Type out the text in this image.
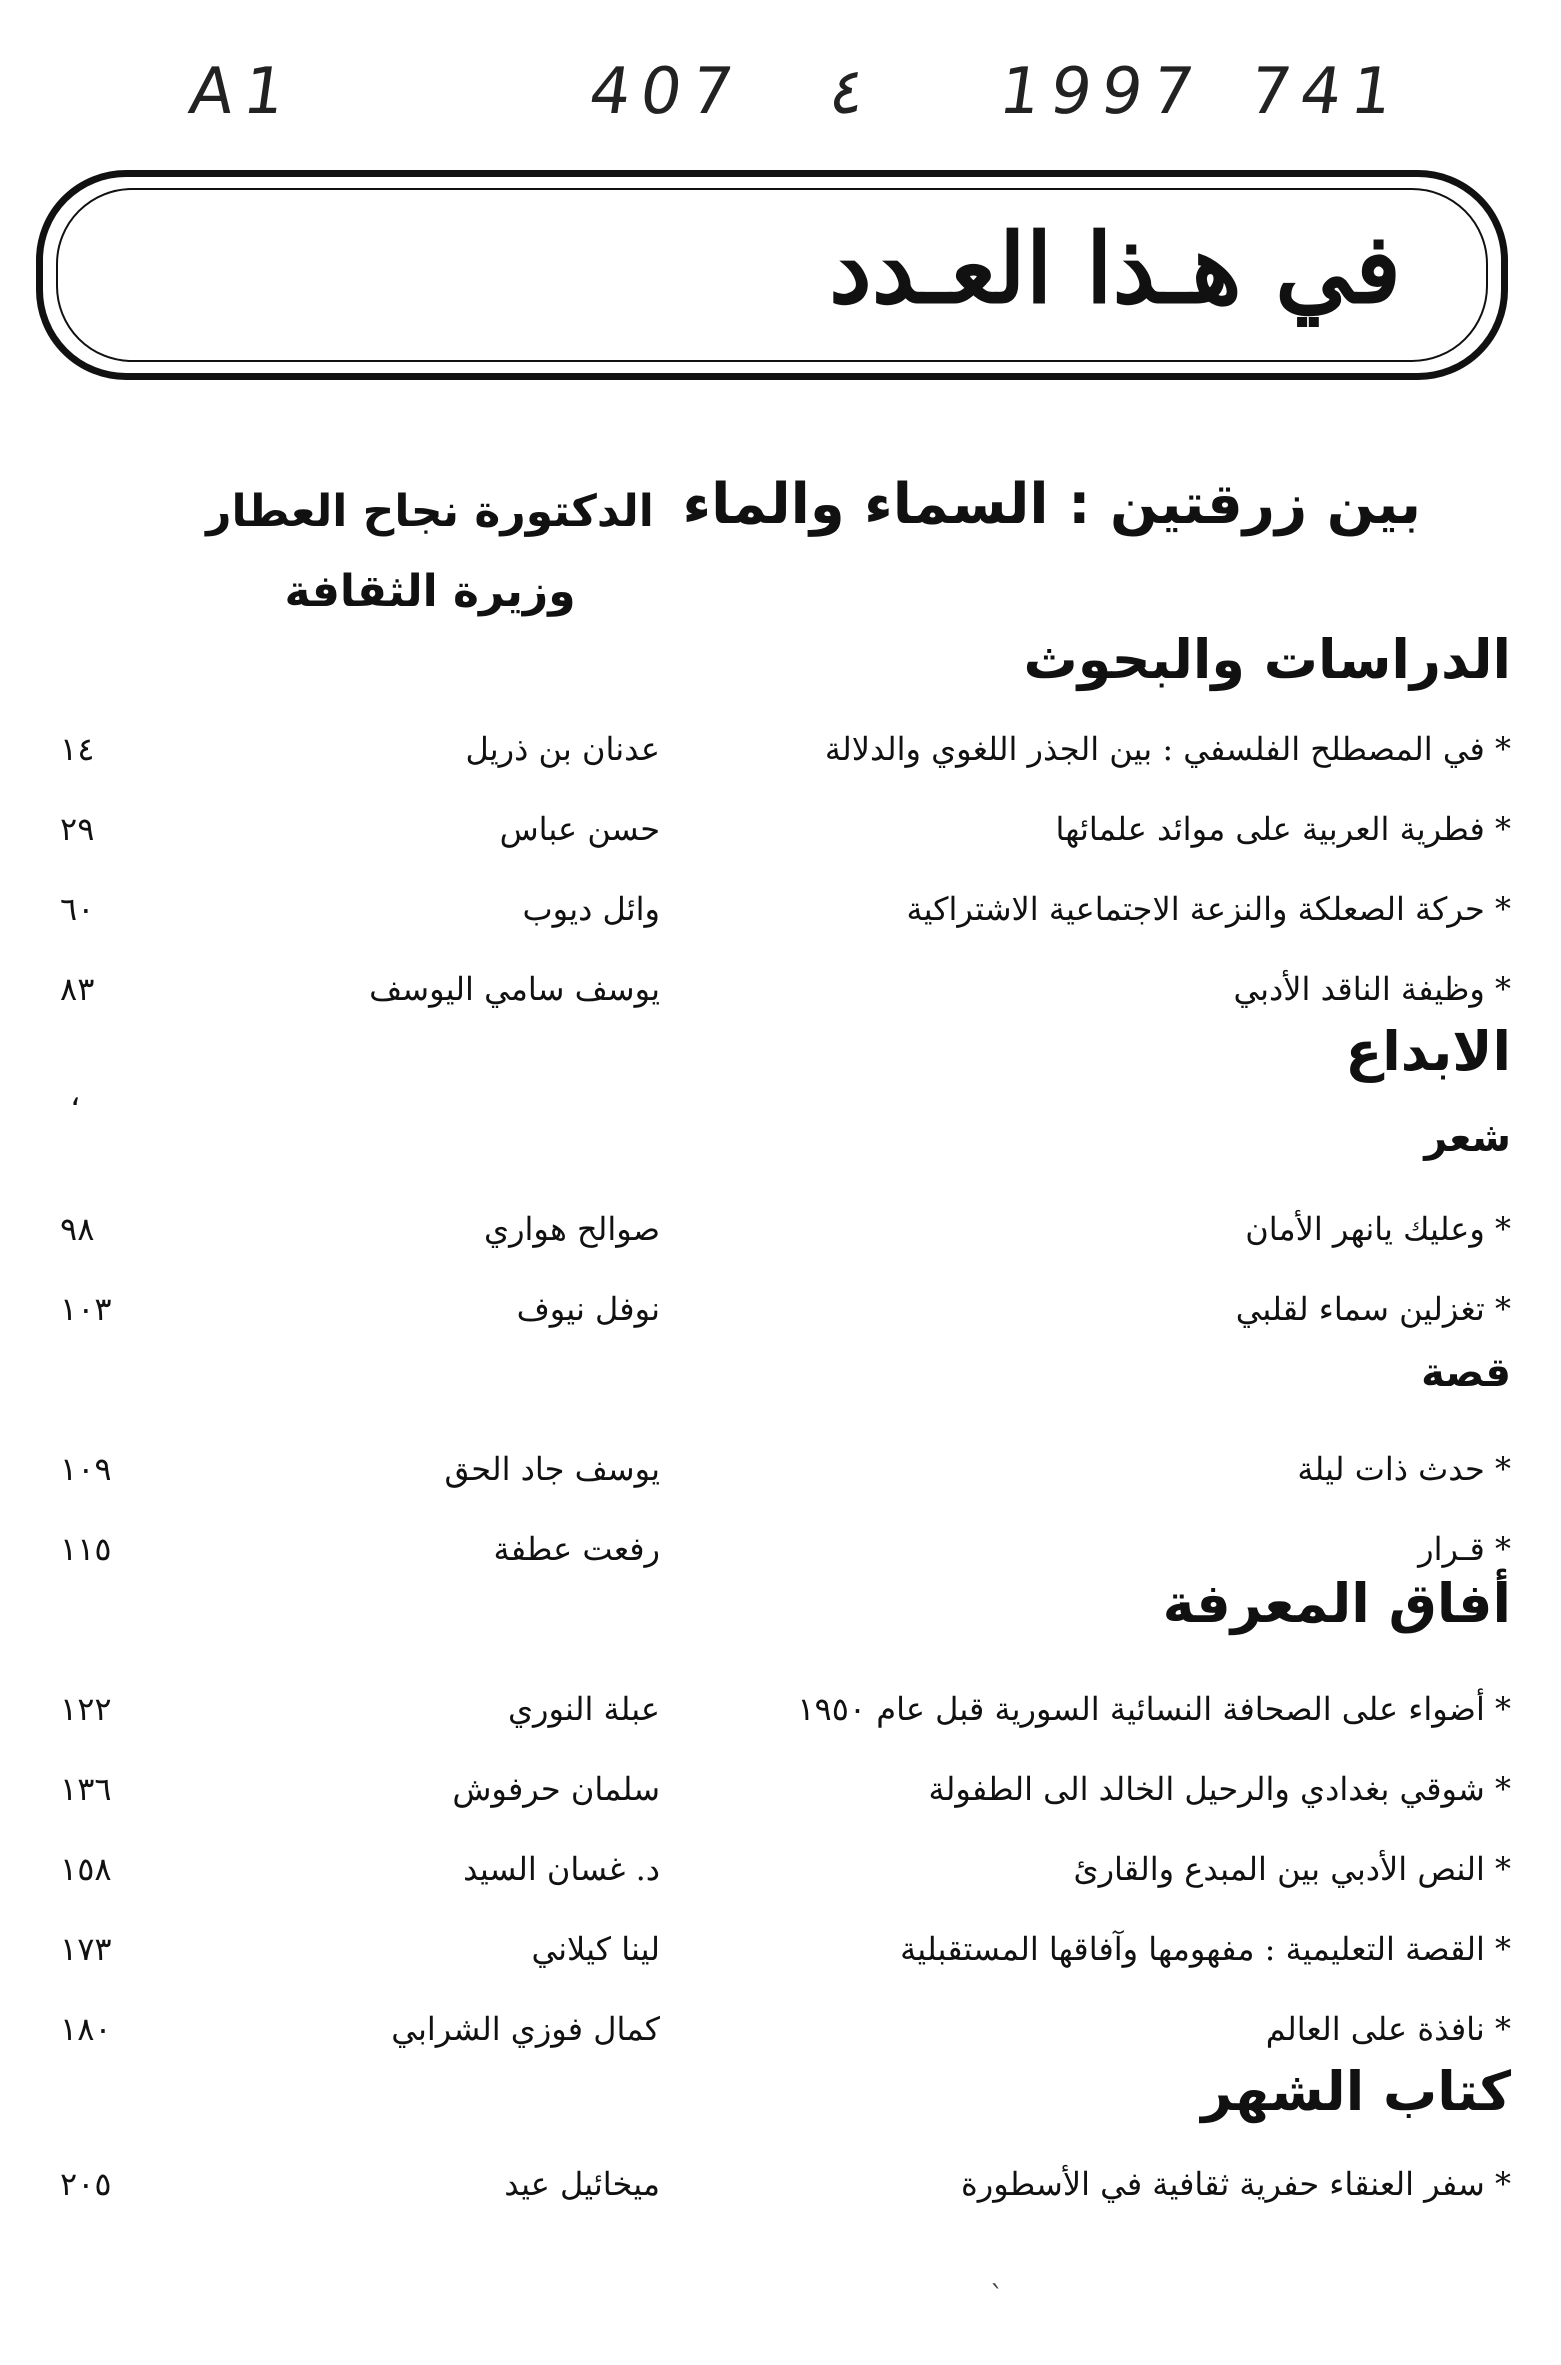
A1	407 ٤ 1997 741
في هـذا العـدد
بين زرقتين : السماء والماء
الدكتورة نجاح العطار
وزيرة الثقافة
الدراسات والبحوث
* في المصطلح الفلسفي : بين الجذر اللغوي والدلالة
عدنان بن ذريل
١٤
* فطرية العربية على موائد علمائها
حسن عباس
٢٩
* حركة الصعلكة والنزعة الاجتماعية الاشتراكية
وائل ديوب
٦٠
* وظيفة الناقد الأدبي
يوسف سامي اليوسف
٨٣
الابداع
،
شعر
* وعليك يانهر الأمان
صوالح هواري
٩٨
* تغزلين سماء لقلبي
نوفل نيوف
١٠٣
قصة
* حدث ذات ليلة
يوسف جاد الحق
١٠٩
* قـرار
رفعت عطفة
١١٥
أفاق المعرفة
* أضواء على الصحافة النسائية السورية قبل عام ١٩٥٠
عبلة النوري
١٢٢
* شوقي بغدادي والرحيل الخالد الى الطفولة
سلمان حرفوش
١٣٦
* النص الأدبي بين المبدع والقارئ
د. غسان السيد
١٥٨
* القصة التعليمية : مفهومها وآفاقها المستقبلية
لينا كيلاني
١٧٣
* نافذة على العالم
كمال فوزي الشرابي
١٨٠
كتاب الشهر
* سفر العنقاء حفرية ثقافية في الأسطورة
ميخائيل عيد
٢٠٥
ˋ
